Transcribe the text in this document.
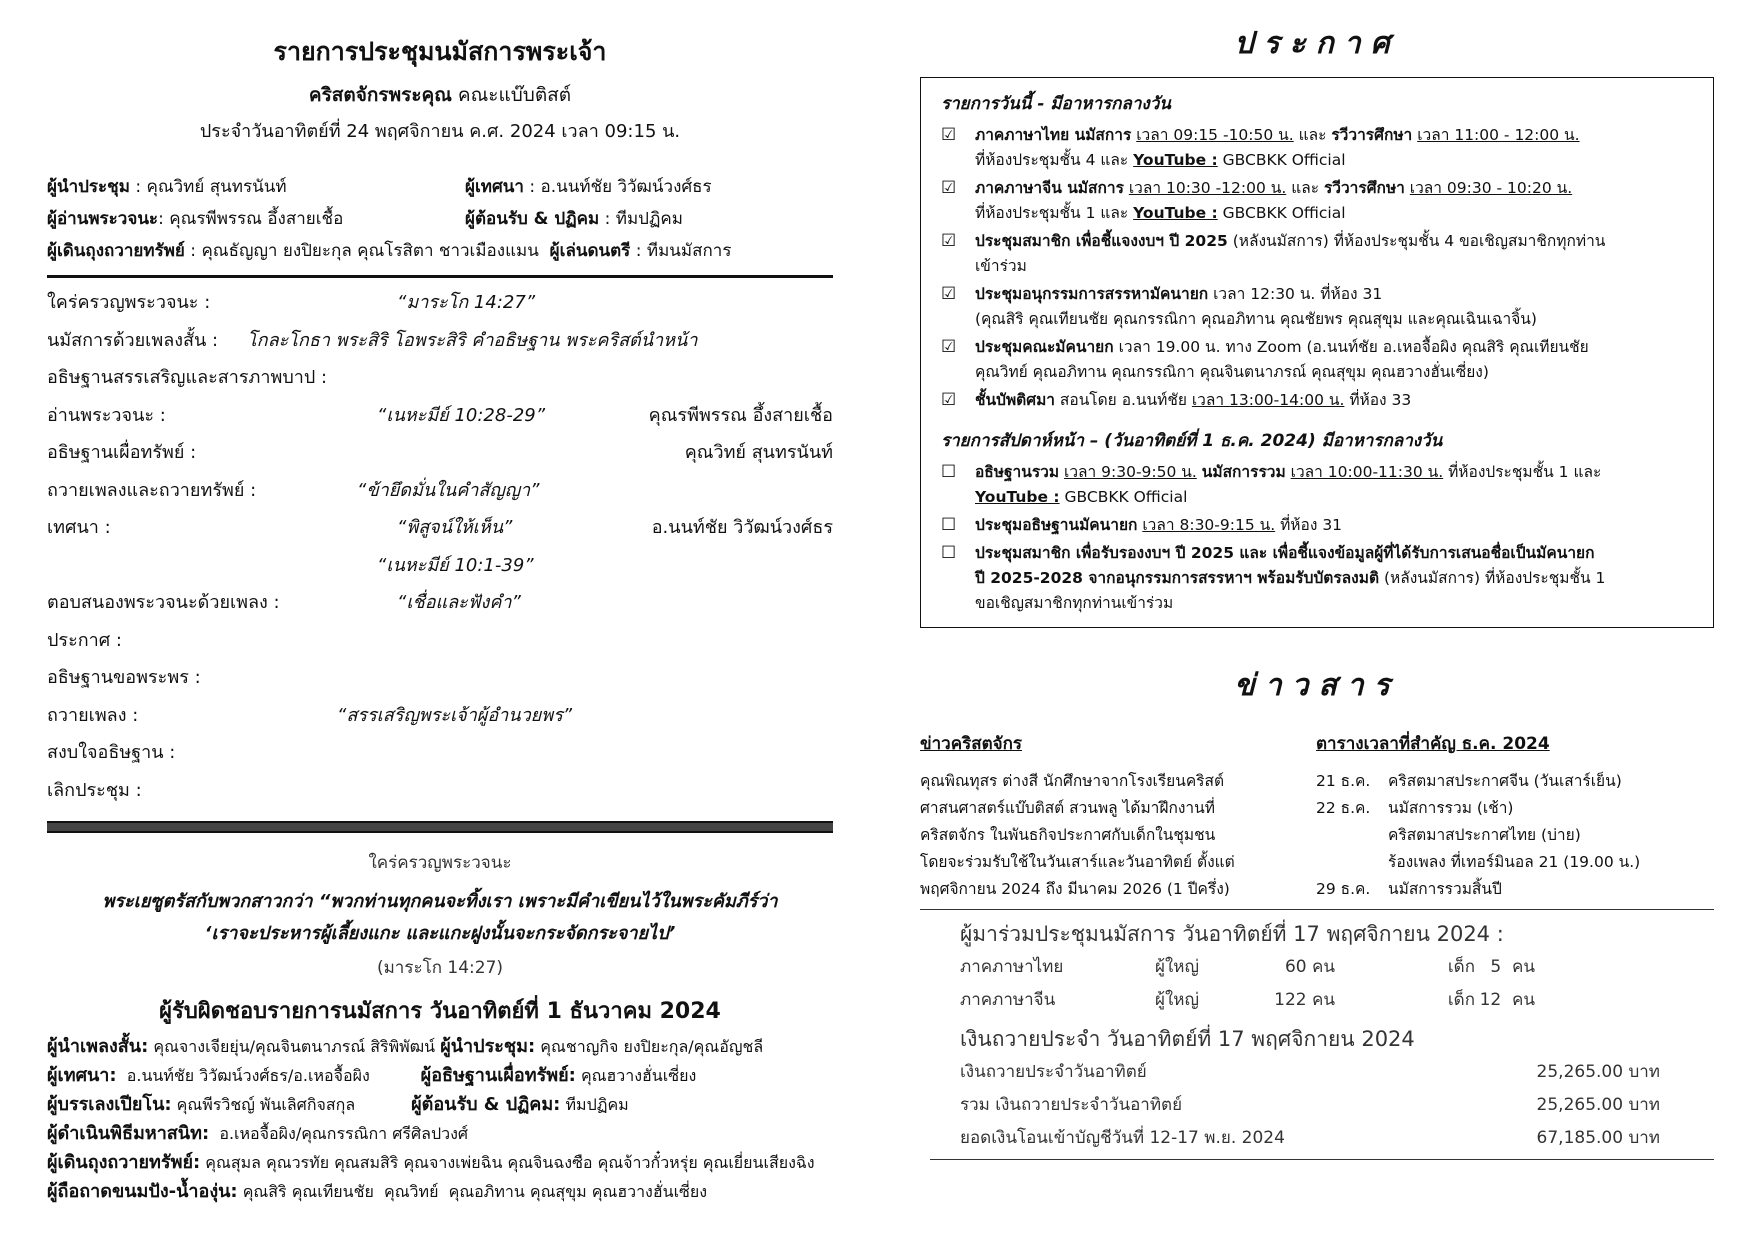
รายการประชุมนมัสการพระเจ้า
คริสตจักรพระคุณ คณะแบ๊บติสต์
ประจำวันอาทิตย์ที่ 24 พฤศจิกายน ค.ศ. 2024 เวลา 09:15 น.
ผู้นำประชุม : คุณวิทย์ สุนทรนันท์	ผู้เทศนา : อ.นนท์ชัย วิวัฒน์วงศ์ธร
ผู้อ่านพระวจนะ: คุณรพีพรรณ อึ้งสายเชื้อ	ผู้ต้อนรับ & ปฏิคม : ทีมปฏิคม
ผู้เดินถุงถวายทรัพย์ : คุณธัญญา ยงปิยะกุล คุณโรสิตา ชาวเมืองแมน
ผู้เล่นดนตรี : ทีมนมัสการ
ใคร่ครวญพระวจนะ :	“มาระโก 14:27”
นมัสการด้วยเพลงสั้น : โกละโกธา พระสิริ โอพระสิริ คำอธิษฐาน พระคริสต์นำหน้า
อธิษฐานสรรเสริญและสารภาพบาป :
อ่านพระวจนะ :	“เนหะมีย์ 10:28-29”	คุณรพีพรรณ อึ้งสายเชื้อ
อธิษฐานเผื่อทรัพย์ :	คุณวิทย์ สุนทรนันท์
ถวายเพลงและถวายทรัพย์ :	“ข้ายึดมั่นในคำสัญญา”
เทศนา :	“พิสูจน์ให้เห็น”	อ.นนท์ชัย วิวัฒน์วงศ์ธร
“เนหะมีย์ 10:1-39”
ตอบสนองพระวจนะด้วยเพลง :	“เชื่อและฟังคำ”
ประกาศ :
อธิษฐานขอพระพร :
ถวายเพลง :	“สรรเสริญพระเจ้าผู้อำนวยพร”
สงบใจอธิษฐาน :
เลิกประชุม :
ใคร่ครวญพระวจนะ
พระเยซูตรัสกับพวกสาวกว่า “พวกท่านทุกคนจะทิ้งเรา เพราะมีคำเขียนไว้ในพระคัมภีร์ว่า
‘เราจะประหารผู้เลี้ยงแกะ และแกะฝูงนั้นจะกระจัดกระจายไป’
(มาระโก 14:27)
ผู้รับผิดชอบรายการนมัสการ วันอาทิตย์ที่ 1 ธันวาคม 2024
ผู้นำเพลงสั้น: คุณจางเจียยุ่น/คุณจินตนาภรณ์ สิริพิพัฒน์ ผู้นำประชุม: คุณชาญกิจ ยงปิยะกุล/คุณอัญชลี
ผู้เทศนา:  อ.นนท์ชัย วิวัฒน์วงศ์ธร/อ.เหอจื้อผิง          ผู้อธิษฐานเผื่อทรัพย์: คุณฮวางฮั่นเซี่ยง
ผู้บรรเลงเปียโน: คุณพีรวิชญ์ พันเลิศกิจสกุล           ผู้ต้อนรับ & ปฏิคม: ทีมปฏิคม
ผู้ดำเนินพิธีมหาสนิท:  อ.เหอจื้อผิง/คุณกรรณิกา ศรีศิลปวงศ์
ผู้เดินถุงถวายทรัพย์: คุณสุมล คุณวรทัย คุณสมสิริ คุณจางเพ่ยฉิน คุณจินฉงซือ คุณจ้าวกั๋วหรุ่ย คุณเยี่ยนเสียงฉิง
ผู้ถือถาดขนมปัง-น้ำองุ่น: คุณสิริ คุณเทียนชัย  คุณวิทย์  คุณอภิทาน คุณสุขุม คุณฮวางฮั่นเซี่ยง
ประกาศ
รายการวันนี้ - มีอาหารกลางวัน
☑	ภาคภาษาไทย นมัสการ เวลา 09:15 -10:50 น. และ รวีวารศึกษา เวลา 11:00 - 12:00 น.
ที่ห้องประชุมชั้น 4 และ YouTube : GBCBKK Official
☑	ภาคภาษาจีน นมัสการ เวลา 10:30 -12:00 น. และ รวีวารศึกษา เวลา 09:30 - 10:20 น.
ที่ห้องประชุมชั้น 1 และ YouTube : GBCBKK Official
☑	ประชุมสมาชิก เพื่อชี้แจงงบฯ ปี 2025 (หลังนมัสการ) ที่ห้องประชุมชั้น 4 ขอเชิญสมาชิกทุกท่าน
เข้าร่วม
☑	ประชุมอนุกรรมการสรรหามัคนายก เวลา 12:30 น. ที่ห้อง 31
(คุณสิริ คุณเทียนชัย คุณกรรณิกา คุณอภิทาน คุณชัยพร คุณสุขุม และคุณเฉินเฉาจิ้น)
☑	ประชุมคณะมัคนายก เวลา 19.00 น. ทาง Zoom (อ.นนท์ชัย อ.เหอจื้อผิง คุณสิริ คุณเทียนชัย
คุณวิทย์ คุณอภิทาน คุณกรรณิกา คุณจินตนาภรณ์ คุณสุขุม คุณฮวางฮั่นเซี่ยง)
☑	ชั้นบัพติศมา สอนโดย อ.นนท์ชัย เวลา 13:00-14:00 น. ที่ห้อง 33
รายการสัปดาห์หน้า – (วันอาทิตย์ที่ 1 ธ.ค. 2024) มีอาหารกลางวัน
☐	อธิษฐานรวม เวลา 9:30-9:50 น. นมัสการรวม เวลา 10:00-11:30 น. ที่ห้องประชุมชั้น 1 และ
YouTube : GBCBKK Official
☐	ประชุมอธิษฐานมัคนายก เวลา 8:30-9:15 น. ที่ห้อง 31
☐	ประชุมสมาชิก เพื่อรับรองงบฯ ปี 2025 และ เพื่อชี้แจงข้อมูลผู้ที่ได้รับการเสนอชื่อเป็นมัคนายก
ปี 2025-2028 จากอนุกรรมการสรรหาฯ พร้อมรับบัตรลงมติ (หลังนมัสการ) ที่ห้องประชุมชั้น 1
ขอเชิญสมาชิกทุกท่านเข้าร่วม
ข่าวสาร
ข่าวคริสตจักร
คุณพิณทุสร ต่างสี นักศึกษาจากโรงเรียนคริสต์
ศาสนศาสตร์แบ๊บติสต์ สวนพลู ได้มาฝึกงานที่
คริสตจักร ในพันธกิจประกาศกับเด็กในชุมชน
โดยจะร่วมรับใช้ในวันเสาร์และวันอาทิตย์ ตั้งแต่
พฤศจิกายน 2024 ถึง มีนาคม 2026 (1 ปีครึ่ง)
ตารางเวลาที่สำคัญ ธ.ค. 2024
21 ธ.ค.	คริสตมาสประกาศจีน (วันเสาร์เย็น)
22 ธ.ค.	นมัสการรวม (เช้า)
คริสตมาสประกาศไทย (บ่าย)
ร้องเพลง ที่เทอร์มินอล 21 (19.00 น.)
29 ธ.ค.	นมัสการรวมสิ้นปี
ผู้มาร่วมประชุมนมัสการ วันอาทิตย์ที่ 17 พฤศจิกายน 2024 :
ภาคภาษาไทย	ผู้ใหญ่	60 คน	เด็ก 5  คน
ภาคภาษาจีน	ผู้ใหญ่	122 คน	เด็ก 12  คน
เงินถวายประจำ วันอาทิตย์ที่ 17 พฤศจิกายน 2024
เงินถวายประจำวันอาทิตย์	25,265.00 บาท
รวม เงินถวายประจำวันอาทิตย์	25,265.00 บาท
ยอดเงินโอนเข้าบัญชีวันที่ 12-17 พ.ย. 2024	67,185.00 บาท
